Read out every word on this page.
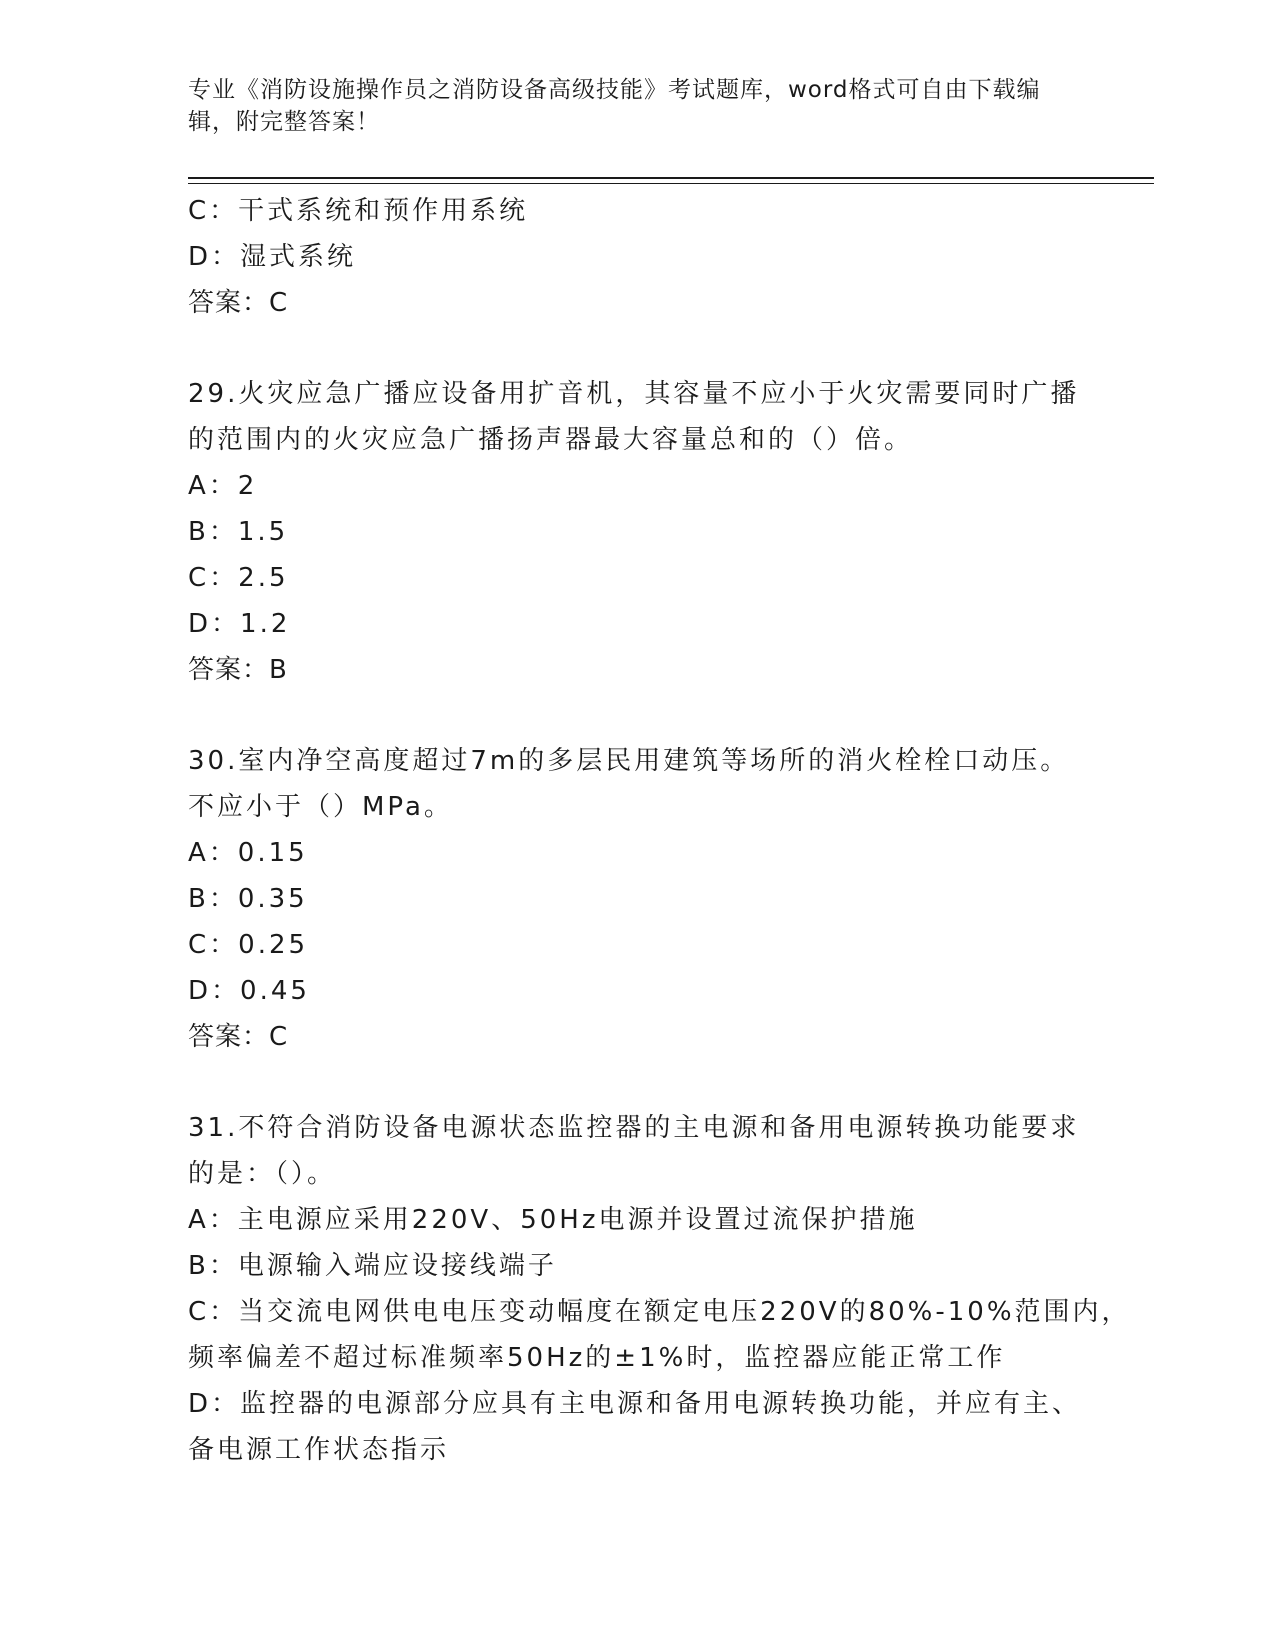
专业《消防设施操作员之消防设备高级技能》考试题库，word格式可自由下载编
辑，附完整答案！
C：干式系统和预作用系统
D：湿式系统
答案：C
29.火灾应急广播应设备用扩音机，其容量不应小于火灾需要同时广播
的范围内的火灾应急广播扬声器最大容量总和的（）倍。
A：2
B：1.5
C：2.5
D：1.2
答案：B
30.室内净空高度超过7m的多层民用建筑等场所的消火栓栓口动压。
不应小于（）MPa。
A：0.15
B：0.35
C：0.25
D：0.45
答案：C
31.不符合消防设备电源状态监控器的主电源和备用电源转换功能要求
的是：（）。
A：主电源应采用220V、50Hz电源并设置过流保护措施
B：电源输入端应设接线端子
C：当交流电网供电电压变动幅度在额定电压220V的80%-10%范围内，
频率偏差不超过标准频率50Hz的±1%时，监控器应能正常工作
D：监控器的电源部分应具有主电源和备用电源转换功能，并应有主、
备电源工作状态指示
